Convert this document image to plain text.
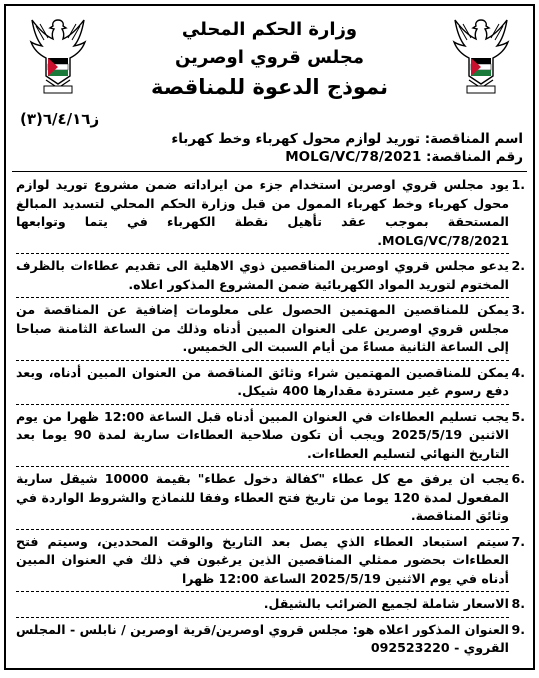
وزارة الحكم المحلي
مجلس قروي اوصرين
نموذج الدعوة للمناقصة
ز٦/٤/١٦(٣)
اسم المناقصة: توريد لوازم محول كهرباء وخط كهرباء
رقم المناقصة: MOLG/VC/78/2021
1.
يود مجلس قروي اوصرين استخدام جزء من ايراداته ضمن مشروع توريد لوازم محول كهرباء وخط كهرباء الممول من قبل وزارة الحكم المحلي لتسديد المبالغ المستحقة بموجب عقد تأهيل نقطة الكهرباء في يتما وتوابعها MOLG/VC/78/2021.
2.
يدعو مجلس قروي اوصرين المناقصين ذوي الاهلية الى تقديم عطاءات بالظرف المختوم لتوريد المواد الكهربائية ضمن المشروع المذكور اعلاه.
3.
يمكن للمناقصين المهتمين الحصول على معلومات إضافية عن المناقصة من مجلس قروي اوصرين على العنوان المبين أدناه وذلك من الساعة الثامنة صباحا إلى الساعة الثانية مساءً من أيام السبت الى الخميس.
4.
يمكن للمناقصين المهتمين شراء وثائق المناقصة من العنوان المبين أدناه، وبعد دفع رسوم غير مستردة مقدارها 400 شيكل.
5.
يجب تسليم العطاءات في العنوان المبين أدناه قبل الساعة 12:00 ظهرا من يوم الاثنين 2025/5/19 ويجب أن تكون صلاحية العطاءات سارية لمدة 90 يوما بعد التاريخ النهائي لتسليم العطاءات.
6.
يجب ان يرفق مع كل عطاء "كفالة دخول عطاء" بقيمة 10000 شيقل سارية المفعول لمدة 120 يوما من تاريخ فتح العطاء وفقا للنماذج والشروط الواردة في وثائق المناقصة.
7.
سيتم استبعاد العطاء الذي يصل بعد التاريخ والوقت المحددين، وسيتم فتح العطاءات بحضور ممثلي المناقصين الذين يرغبون في ذلك في العنوان المبين أدناه في يوم الاثنين 2025/5/19 الساعة 12:00 ظهرا
8.
الاسعار شاملة لجميع الضرائب بالشيقل.
9.
العنوان المذكور اعلاه هو: مجلس قروي اوصرين/قرية اوصرين / نابلس - المجلس القروي - 092523220
